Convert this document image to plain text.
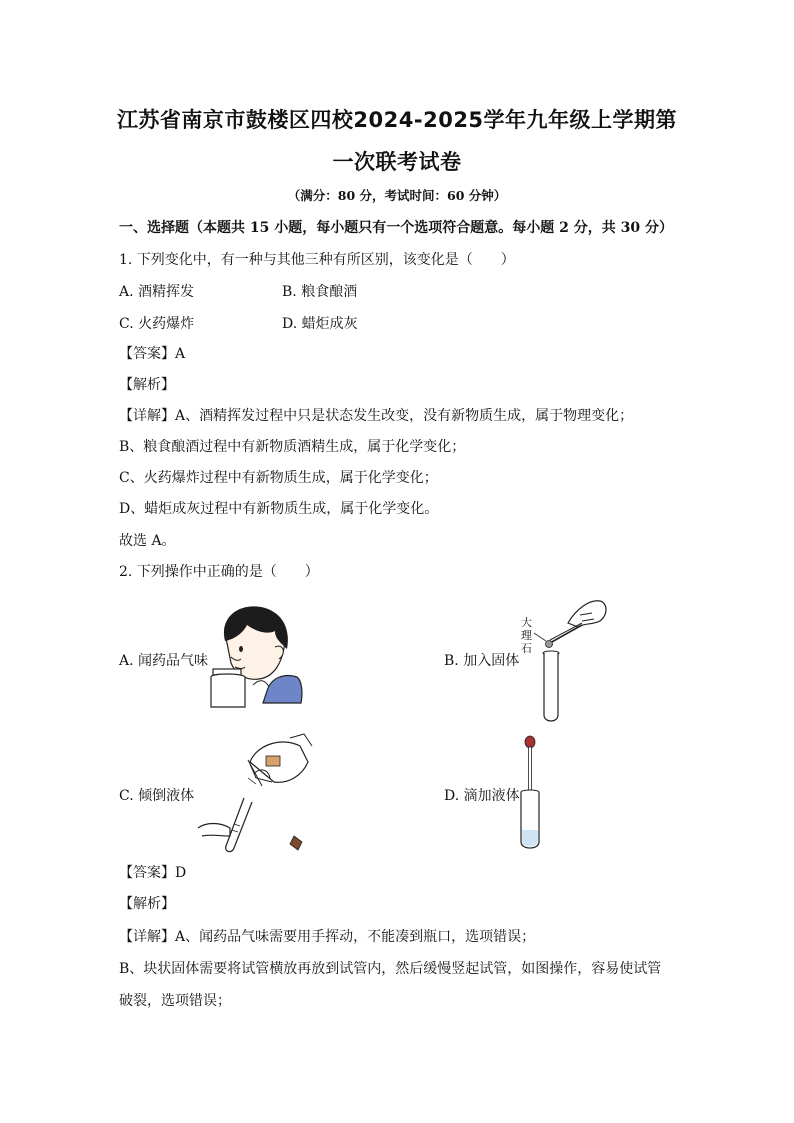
江苏省南京市鼓楼区四校2024-2025学年九年级上学期第
一次联考试卷
（满分：80 分，考试时间：60 分钟）
一、选择题（本题共 15 小题，每小题只有一个选项符合题意。每小题 2 分，共 30 分）
1. 下列变化中，有一种与其他三种有所区别，该变化是（　　）
A. 酒精挥发	B. 粮食酿酒
C. 火药爆炸	D. 蜡炬成灰
【答案】A
【解析】
【详解】A、酒精挥发过程中只是状态发生改变，没有新物质生成，属于物理变化；
B、粮食酿酒过程中有新物质酒精生成，属于化学变化；
C、火药爆炸过程中有新物质生成，属于化学变化；
D、蜡炬成灰过程中有新物质生成，属于化学变化。
故选 A。
2. 下列操作中正确的是（　　）
A. 闻药品气味	B. 加入固体
C. 倾倒液体	D. 滴加液体
大
理
石
【答案】D
【解析】
【详解】A、闻药品气味需要用手挥动，不能凑到瓶口，选项错误；
B、块状固体需要将试管横放再放到试管内，然后缓慢竖起试管，如图操作，容易使试管
破裂，选项错误；
